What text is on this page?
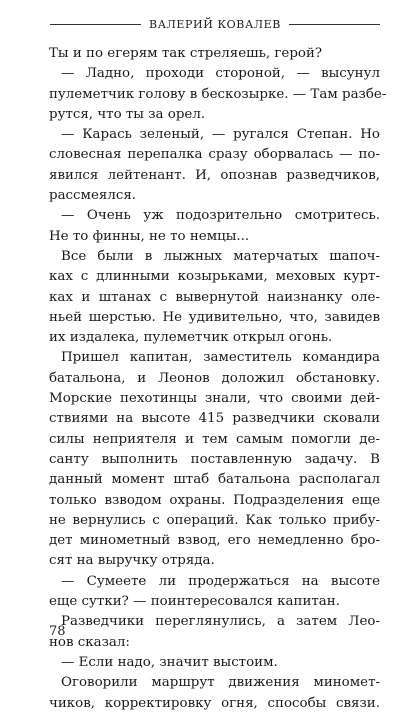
ВАЛЕРИЙ КОВАЛЕВ
Ты и по егерям так стреляешь, герой?
— Ладно, проходи стороной, — высунул
пулеметчик голову в бескозырке. — Там разбе-
рутся, что ты за орел.
— Карась зеленый, — ругался Степан. Но
словесная перепалка сразу оборвалась — по-
явился лейтенант. И, опознав разведчиков,
рассмеялся.
— Очень уж подозрительно смотритесь.
Не то финны, не то немцы...
Все были в лыжных матерчатых шапоч-
ках с длинными козырьками, меховых курт-
ках и штанах с вывернутой наизнанку оле-
ньей шерстью. Не удивительно, что, завидев
их издалека, пулеметчик открыл огонь.
Пришел капитан, заместитель командира
батальона, и Леонов доложил обстановку.
Морские пехотинцы знали, что своими дей-
ствиями на высоте 415 разведчики сковали
силы неприятеля и тем самым помогли де-
санту выполнить поставленную задачу. В
данный момент штаб батальона располагал
только взводом охраны. Подразделения еще
не вернулись с операций. Как только прибу-
дет минометный взвод, его немедленно бро-
сят на выручку отряда.
— Сумеете ли продержаться на высоте
еще сутки? — поинтересовался капитан.
Разведчики переглянулись, а затем Лео-
нов сказал:
— Если надо, значит выстоим.
Оговорили маршрут движения миномет-
чиков, корректировку огня, способы связи.
78
